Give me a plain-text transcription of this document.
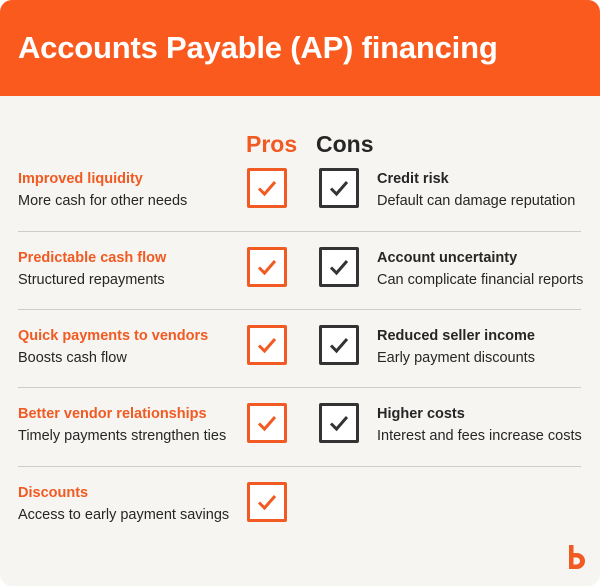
Accounts Payable (AP) financing
Pros Cons
Improved liquidity
More cash for other needs
Credit risk
Default can damage reputation
Predictable cash flow
Structured repayments
Account uncertainty
Can complicate financial reports
Quick payments to vendors
Boosts cash flow
Reduced seller income
Early payment discounts
Better vendor relationships
Timely payments strengthen ties
Higher costs
Interest and fees increase costs
Discounts
Access to early payment savings
